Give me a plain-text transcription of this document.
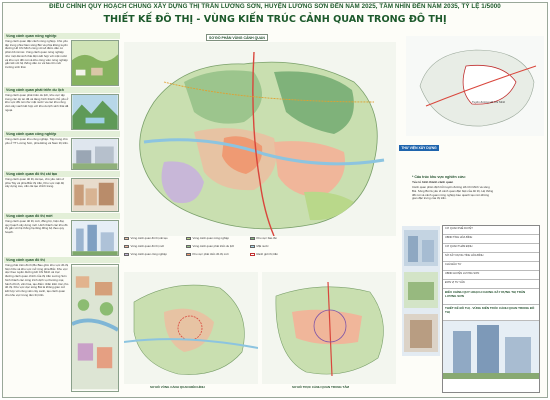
ĐIỀU CHỈNH QUY HOẠCH CHUNG XÂY DỰNG THỊ TRẤN LƯƠNG SƠN, HUYỆN LƯƠNG SƠN ĐẾN NĂM 2025, TẦM NHÌN ĐẾN NĂM 2035, TỶ LỆ 1/5000
THIẾT KẾ ĐÔ THỊ - VÙNG KIẾN TRÚC CẢNH QUAN TRONG ĐÔ THỊ
Vùng cảnh quan nông nghiệp
Vùng cảnh quan đặc cảnh nông nghiệp. Chủ yếu tập trung phía Nam sông Bùi và phía Đông tuyến đường Hồ Chí Minh cùng với số điểm dân cư phân bố rải rác. Vùng cảnh quan nông nghiệp như một dải sinh thái đệm kết hợp với mặt nước và khu vực đồi núi và khu công viên nông nghiệp gắn kết với hệ thống dân cư và bảo tồn môi trường sinh thái.
Vùng cảnh quan phát triển du lịch
Vùng cảnh quan phát triển du lịch, khu vực tập trung các dự án đã và đang hình thành chủ yếu ở khu vực đồi núi như mặt nước và các khu công viên cây xanh kết hợp với khu du lịch sinh thái dã ngoại.
Vùng cảnh quan công nghiệp
Vùng cảnh quan khu công nghiệp. Tập trung chủ yếu ở TT Lương Sơn, phía Đông và Nam thị trấn.
Vùng cảnh quan đô thị cải tạo
Vùng cảnh quan đô thị cải tạo, chủ yếu nằm ở phía Tây và phía Bắc thị trấn. Khu vực mật độ xây dựng cao, cần cải tạo chỉnh trang.
Vùng cảnh quan đô thị mới
Vùng cảnh quan đô thị mới, đồng bộ, hiện đại, quy hoạch xây dựng mới. Hình thành các khu đô thị gắn với hệ thống hạ tầng đồng bộ theo quy hoạch.
Vùng cảnh quan đô thị
Vùng phát triển đô thị Bo Bao gồm khu vực đô thị hiện hữu và khu vực mở rộng phía Bắc. Khu vực dọc theo tuyến đường Hồ Chí Minh và trục đường cảnh quan chính của thị trấn Lương Sơn hình thành các công trình dịch vụ thương mại, hành chính, văn hóa, tạo điểm nhấn kiến trúc cho đô thị. Khu vực dọc sông Bùi là không gian mở kết hợp với công viên cây xanh, tạo cảnh quan cho khu vực trung tâm thị trấn.
SƠ ĐỒ PHÂN VÙNG CẢNH QUAN
Vùng cảnh quan đô thị cải tạo
Vùng cảnh quan đô thị mới
Vùng cảnh quan công nghiệp
Vùng cảnh quan nông nghiệp
Vùng cảnh quan phát triển du lịch
Khu vực phát triển đô thị mới
Khu vực bảo tồn
Mặt nước
Ranh giới thị trấn
SƠ ĐỒ VÙNG CẢNH QUAN ĐIỂN HÌNH	SƠ ĐỒ TRỤC CẢNH QUAN TRUNG TÂM
Tuyến đường Hồ Chí Minh
THƯ VIỆN XÂY DỰNG
* Cấu trúc khu vực nghiên cứu:
Yếu tố hình thành cảnh quan
Cảnh quan phân định bởi tuyến đường Hồ Chí Minh và sông Bùi. Sông Bùi là yếu tố cảnh quan đặc biệt của đô thị. Hệ thống đồi núi và cảnh quan nông nghiệp bao quanh tạo nên không gian đặc trưng của thị trấn.
CƠ QUAN PHÊ DUYỆT
UBND TỈNH HÒA BÌNH
CƠ QUAN THẨM ĐỊNH
SỞ XÂY DỰNG TỈNH HÒA BÌNH
CHỦ ĐẦU TƯ
UBND HUYỆN LƯƠNG SƠN
ĐƠN VỊ TƯ VẤN
ĐIỀU CHỈNH QUY HOẠCH CHUNG XÂY DỰNG THỊ TRẤN LƯƠNG SƠN
THIẾT KẾ ĐÔ THỊ - VÙNG KIẾN TRÚC CẢNH QUAN TRONG ĐÔ THỊ
